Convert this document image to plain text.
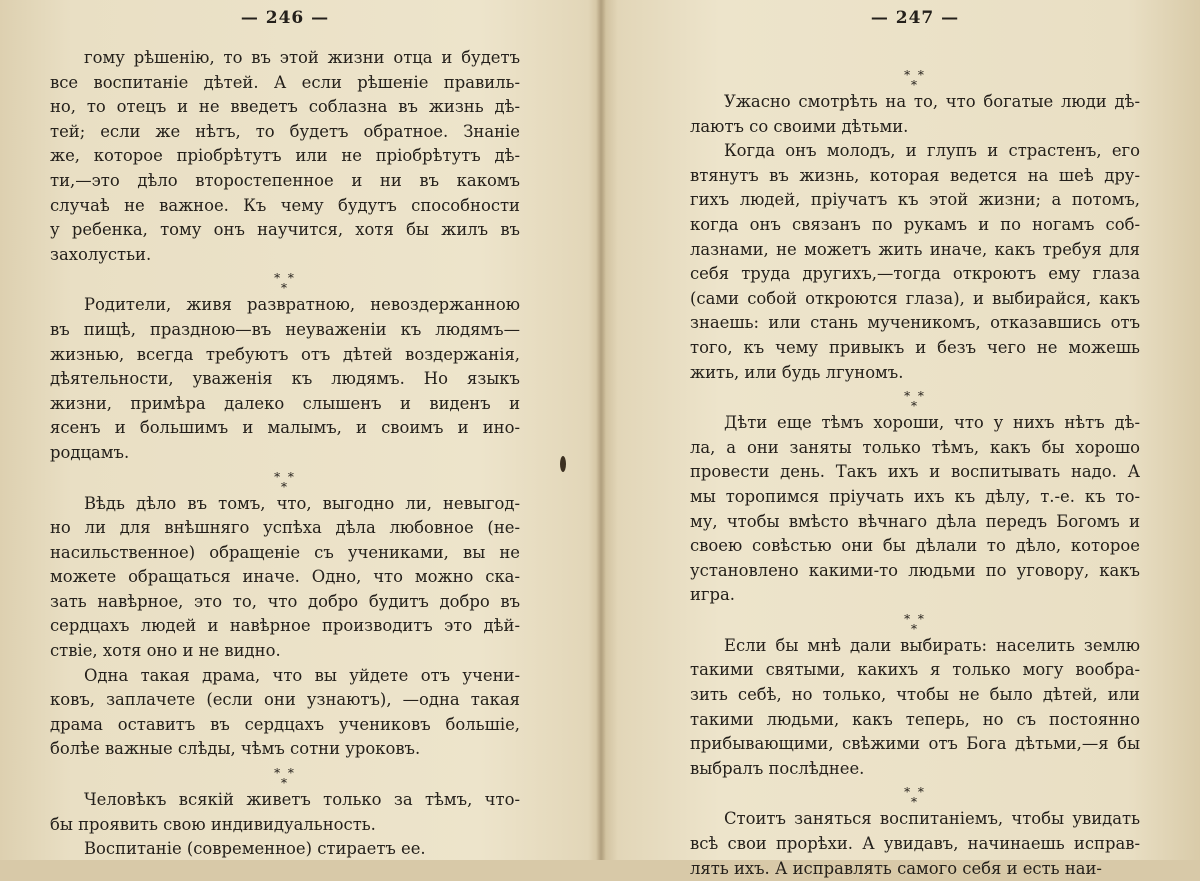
— 246 —
гому рѣшенію, то въ этой жизни отца и будетъ
все воспитаніе дѣтей. А если рѣшеніе правиль-
но, то отецъ и не введетъ соблазна въ жизнь дѣ-
тей; если же нѣтъ, то будетъ обратное. Знаніе
же, которое пріобрѣтутъ или не пріобрѣтутъ дѣ-
ти,—это дѣло второстепенное и ни въ какомъ
случаѣ не важное. Къ чему будутъ способности
у ребенка, тому онъ научится, хотя бы жилъ въ
захолустьи.
* *
*
Родители, живя развратною, невоздержанною
въ пищѣ, праздною—въ неуваженіи къ людямъ—
жизнью, всегда требуютъ отъ дѣтей воздержанія,
дѣятельности, уваженія къ людямъ. Но языкъ
жизни, примѣра далеко слышенъ и виденъ и
ясенъ и большимъ и малымъ, и своимъ и ино-
родцамъ.
* *
*
Вѣдь дѣло въ томъ, что, выгодно ли, невыгод-
но ли для внѣшняго успѣха дѣла любовное (не-
насильственное) обращеніе съ учениками, вы не
можете обращаться иначе. Одно, что можно ска-
зать навѣрное, это то, что добро будитъ добро въ
сердцахъ людей и навѣрное производитъ это дѣй-
ствіе, хотя оно и не видно.
Одна такая драма, что вы уйдете отъ учени-
ковъ, заплачете (если они узнаютъ), —одна такая
драма оставитъ въ сердцахъ учениковъ большіе,
болѣе важные слѣды, чѣмъ сотни уроковъ.
* *
*
Человѣкъ всякій живетъ только за тѣмъ, что-
бы проявить свою индивидуальность.
Воспитаніе (современное) стираетъ ее.
— 247 —
* *
*
Ужасно смотрѣть на то, что богатые люди дѣ-
лаютъ со своими дѣтьми.
Когда онъ молодъ, и глупъ и страстенъ, его
втянутъ въ жизнь, которая ведется на шеѣ дру-
гихъ людей, пріучатъ къ этой жизни; а потомъ,
когда онъ связанъ по рукамъ и по ногамъ соб-
лазнами, не можетъ жить иначе, какъ требуя для
себя труда другихъ,—тогда откроютъ ему глаза
(сами собой откроются глаза), и выбирайся, какъ
знаешь: или стань мученикомъ, отказавшись отъ
того, къ чему привыкъ и безъ чего не можешь
жить, или будь лгуномъ.
* *
*
Дѣти еще тѣмъ хороши, что у нихъ нѣтъ дѣ-
ла, а они заняты только тѣмъ, какъ бы хорошо
провести день. Такъ ихъ и воспитывать надо. А
мы торопимся пріучать ихъ къ дѣлу, т.-е. къ то-
му, чтобы вмѣсто вѣчнаго дѣла передъ Богомъ и
своею совѣстью они бы дѣлали то дѣло, которое
установлено какими-то людьми по уговору, какъ
игра.
* *
*
Если бы мнѣ дали выбирать: населить землю
такими святыми, какихъ я только могу вообра-
зить себѣ, но только, чтобы не было дѣтей, или
такими людьми, какъ теперь, но съ постоянно
прибывающими, свѣжими отъ Бога дѣтьми,—я бы
выбралъ послѣднее.
* *
*
Стоитъ заняться воспитаніемъ, чтобы увидать
всѣ свои прорѣхи. А увидавъ, начинаешь исправ-
лять ихъ. А исправлять самого себя и есть наи-
